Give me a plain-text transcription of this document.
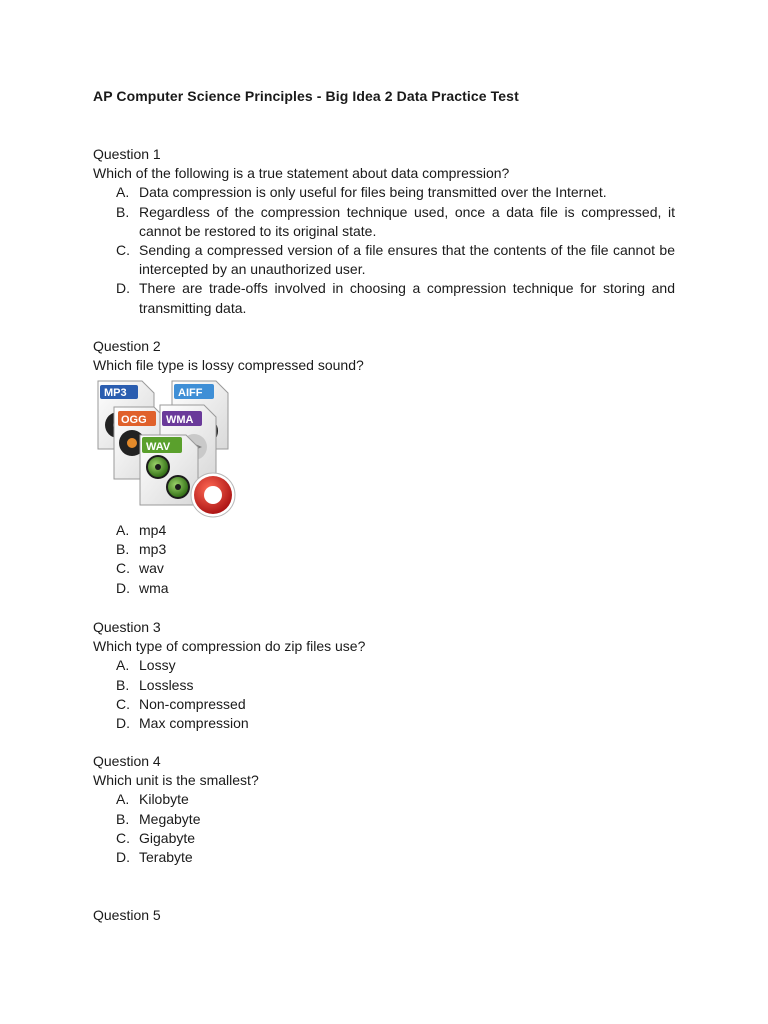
AP Computer Science Principles - Big Idea 2 Data Practice Test
Question 1
Which of the following is a true statement about data compression?
A. Data compression is only useful for files being transmitted over the Internet.
B. Regardless of the compression technique used, once a data file is compressed, it cannot be restored to its original state.
C. Sending a compressed version of a file ensures that the contents of the file cannot be intercepted by an unauthorized user.
D. There are trade-offs involved in choosing a compression technique for storing and transmitting data.
Question 2
Which file type is lossy compressed sound?
MP3	AIFF
OGG WMA
WAV
A. mp4
B. mp3
C. wav
D. wma
Question 3
Which type of compression do zip files use?
A. Lossy
B. Lossless
C. Non-compressed
D. Max compression
Question 4
Which unit is the smallest?
A. Kilobyte
B. Megabyte
C. Gigabyte
D. Terabyte
Question 5
